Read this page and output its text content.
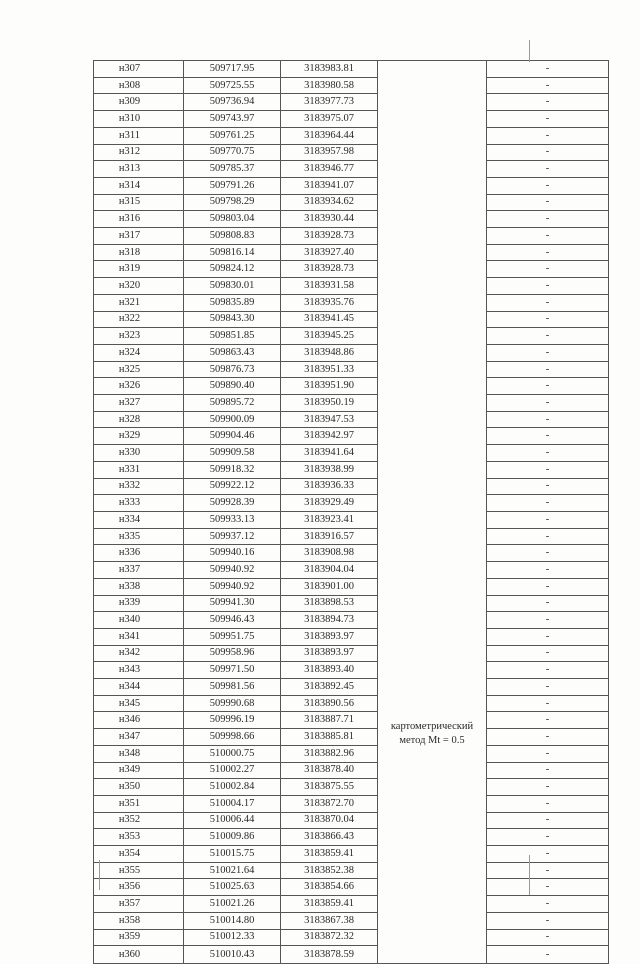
н307	509717.95	3183983.81	картометрический
метод Mt = 0.5	-
н308	509725.55	3183980.58		-
н309	509736.94	3183977.73		-
н310	509743.97	3183975.07		-
н311	509761.25	3183964.44		-
н312	509770.75	3183957.98		-
н313	509785.37	3183946.77		-
н314	509791.26	3183941.07		-
н315	509798.29	3183934.62		-
н316	509803.04	3183930.44		-
н317	509808.83	3183928.73		-
н318	509816.14	3183927.40		-
н319	509824.12	3183928.73		-
н320	509830.01	3183931.58		-
н321	509835.89	3183935.76		-
н322	509843.30	3183941.45		-
н323	509851.85	3183945.25		-
н324	509863.43	3183948.86		-
н325	509876.73	3183951.33		-
н326	509890.40	3183951.90		-
н327	509895.72	3183950.19		-
н328	509900.09	3183947.53		-
н329	509904.46	3183942.97		-
н330	509909.58	3183941.64		-
н331	509918.32	3183938.99		-
н332	509922.12	3183936.33		-
н333	509928.39	3183929.49		-
н334	509933.13	3183923.41		-
н335	509937.12	3183916.57		-
н336	509940.16	3183908.98		-
н337	509940.92	3183904.04		-
н338	509940.92	3183901.00		-
н339	509941.30	3183898.53		-
н340	509946.43	3183894.73		-
н341	509951.75	3183893.97		-
н342	509958.96	3183893.97		-
н343	509971.50	3183893.40		-
н344	509981.56	3183892.45		-
н345	509990.68	3183890.56		-
н346	509996.19	3183887.71		-
н347	509998.66	3183885.81		-
н348	510000.75	3183882.96		-
н349	510002.27	3183878.40		-
н350	510002.84	3183875.55		-
н351	510004.17	3183872.70		-
н352	510006.44	3183870.04		-
н353	510009.86	3183866.43		-
н354	510015.75	3183859.41		-
н355	510021.64	3183852.38		-
н356	510025.63	3183854.66		-
н357	510021.26	3183859.41		-
н358	510014.80	3183867.38		-
н359	510012.33	3183872.32		-
н360	510010.43	3183878.59		-
